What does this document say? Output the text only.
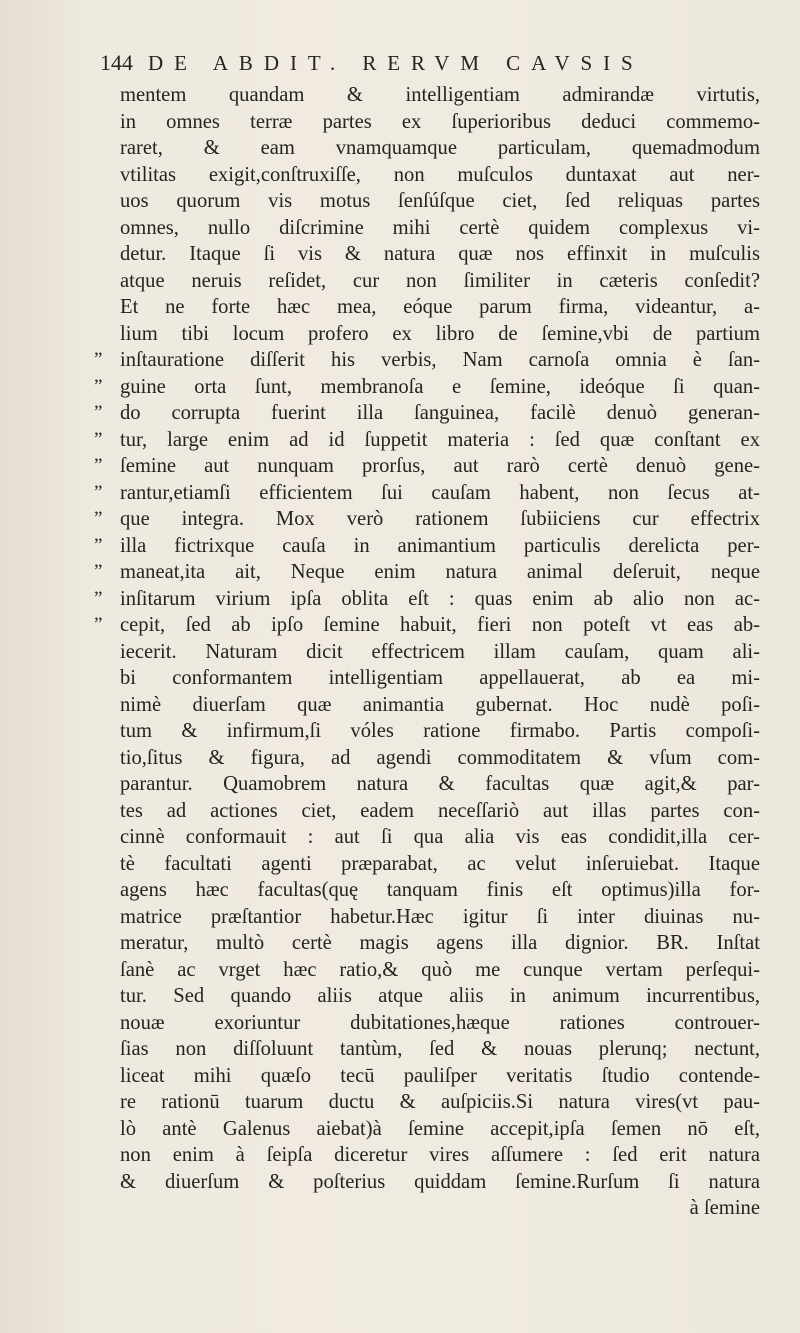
144 DE ABDIT. RERVM CAVSIS
mentem quandam & intelligentiam admirandæ virtutis,
in omnes terræ partes ex ſuperioribus deduci commemo-
raret, & eam vnamquamque particulam, quemadmodum
vtilitas exigit,conſtruxiſſe, non muſculos duntaxat aut ner-
uos quorum vis motus ſenſúſque ciet, ſed reliquas partes
omnes, nullo diſcrimine mihi certè quidem complexus vi-
detur. Itaque ſi vis & natura quæ nos effinxit in muſculis
atque neruis reſidet, cur non ſimiliter in cæteris conſedit?
Et ne forte hæc mea, eóque parum firma, videantur, a-
lium tibi locum profero ex libro de ſemine,vbi de partium
” inſtauratione diſſerit his verbis, Nam carnoſa omnia è ſan-
” guine orta ſunt, membranoſa e ſemine, ideóque ſi quan-
” do corrupta fuerint illa ſanguinea, facilè denuò generan-
” tur, large enim ad id ſuppetit materia : ſed quæ conſtant ex
” ſemine aut nunquam prorſus, aut rarò certè denuò gene-
” rantur,etiamſi efficientem ſui cauſam habent, non ſecus at-
” que integra. Mox verò rationem ſubiiciens cur effectrix
” illa fictrixque cauſa in animantium particulis derelicta per-
” maneat,ita ait, Neque enim natura animal deſeruit, neque
” inſitarum virium ipſa oblita eſt : quas enim ab alio non ac-
” cepit, ſed ab ipſo ſemine habuit, fieri non poteſt vt eas ab-
iecerit. Naturam dicit effectricem illam cauſam, quam ali-
bi conformantem intelligentiam appellauerat, ab ea mi-
nimè diuerſam quæ animantia gubernat. Hoc nudè poſi-
tum & infirmum,ſi vóles ratione firmabo. Partis compoſi-
tio,ſitus & figura, ad agendi commoditatem & vſum com-
parantur. Quamobrem natura & facultas quæ agit,& par-
tes ad actiones ciet, eadem neceſſariò aut illas partes con-
cinnè conformauit : aut ſi qua alia vis eas condidit,illa cer-
tè facultati agenti præparabat, ac velut inſeruiebat. Itaque
agens hæc facultas(quę tanquam finis eſt optimus)illa for-
matrice præſtantior habetur.Hæc igitur ſi inter diuinas nu-
meratur, multò certè magis agens illa dignior. BR. Inſtat
ſanè ac vrget hæc ratio,& quò me cunque vertam perſequi-
tur. Sed quando aliis atque aliis in animum incurrentibus,
nouæ exoriuntur dubitationes,hæque rationes controuer-
ſias non diſſoluunt tantùm, ſed & nouas plerunq; nectunt,
liceat mihi quæſo tecū pauliſper veritatis ſtudio contende-
re rationū tuarum ductu & auſpiciis.Si natura vires(vt pau-
lò antè Galenus aiebat)à ſemine accepit,ipſa ſemen nō eſt,
non enim à ſeipſa diceretur vires aſſumere : ſed erit natura
& diuerſum & poſterius quiddam ſemine.Rurſum ſi natura
à ſemine
